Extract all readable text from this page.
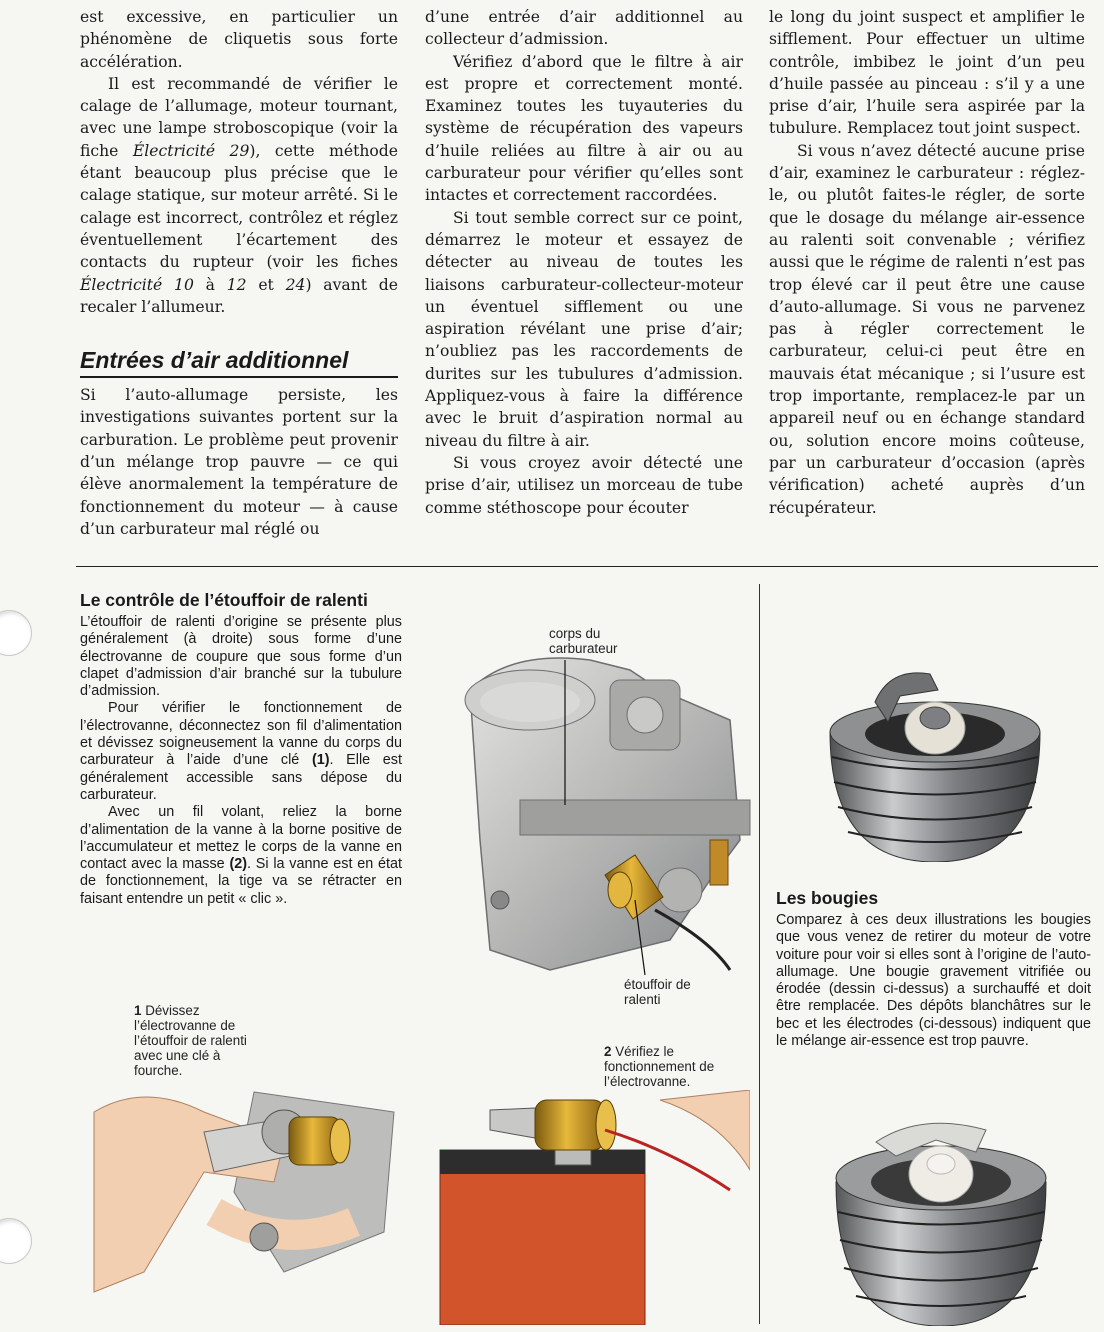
est excessive, en particulier un phénomène de cliquetis sous forte accélération.

Il est recommandé de vérifier le calage de l’allumage, moteur tournant, avec une lampe stroboscopique (voir la fiche Électricité 29), cette méthode étant beaucoup plus précise que le calage statique, sur moteur arrêté. Si le calage est incorrect, contrôlez et réglez éventuellement l’écartement des contacts du rupteur (voir les fiches Électricité 10 à 12 et 24) avant de recaler l’allumeur.

Entrées d’air additionnel

Si l’auto-allumage persiste, les investigations suivantes portent sur la carburation. Le problème peut provenir d’un mélange trop pauvre — ce qui élève anormalement la température de fonctionnement du moteur — à cause d’un carburateur mal réglé ou

d’une entrée d’air additionnel au collecteur d’admission.

Vérifiez d’abord que le filtre à air est propre et correctement monté. Examinez toutes les tuyauteries du système de récupération des vapeurs d’huile reliées au filtre à air ou au carburateur pour vérifier qu’elles sont intactes et correctement raccordées.

Si tout semble correct sur ce point, démarrez le moteur et essayez de détecter au niveau de toutes les liaisons carburateur-collecteur-moteur un éventuel sifflement ou une aspiration révélant une prise d’air; n’oubliez pas les raccordements de durites sur les tubulures d’admission. Appliquez-vous à faire la différence avec le bruit d’aspiration normal au niveau du filtre à air.

Si vous croyez avoir détecté une prise d’air, utilisez un morceau de tube comme stéthoscope pour écouter

le long du joint suspect et amplifier le sifflement. Pour effectuer un ultime contrôle, imbibez le joint d’un peu d’huile passée au pinceau : s’il y a une prise d’air, l’huile sera aspirée par la tubulure. Remplacez tout joint suspect.

Si vous n’avez détecté aucune prise d’air, examinez le carburateur : réglez-le, ou plutôt faites-le régler, de sorte que le dosage du mélange air-essence au ralenti soit convenable ; vérifiez aussi que le régime de ralenti n’est pas trop élevé car il peut être une cause d’auto-allumage. Si vous ne parvenez pas à régler correctement le carburateur, celui-ci peut être en mauvais état mécanique ; si l’usure est trop importante, remplacez-le par un appareil neuf ou en échange standard ou, solution encore moins coûteuse, par un carburateur d’occasion (après vérification) acheté auprès d’un récupérateur.

Le contrôle de l’étouffoir de ralenti

L’étouffoir de ralenti d’origine se présente plus généralement (à droite) sous forme d’une électrovanne de coupure que sous forme d’un clapet d’admission d’air branché sur la tubulure d’admission.

Pour vérifier le fonctionnement de l’électrovanne, déconnectez son fil d’alimentation et dévissez soigneusement la vanne du corps du carburateur à l’aide d’une clé (1). Elle est généralement accessible sans dépose du carburateur.

Avec un fil volant, reliez la borne d’alimentation de la vanne à la borne positive de l’accumulateur et mettez le corps de la vanne en contact avec la masse (2). Si la vanne est en état de fonctionnement, la tige va se rétracter en faisant entendre un petit « clic ».

corps du carburateur
étouffoir de ralenti
1 Dévissez l’électrovanne de l’étouffoir de ralenti avec une clé à fourche.
2 Vérifiez le fonctionnement de l’électrovanne.
Les bougies

Comparez à ces deux illustrations les bougies que vous venez de retirer du moteur de votre voiture pour voir si elles sont à l’origine de l’auto-allumage. Une bougie gravement vitrifiée ou érodée (dessin ci-dessus) a surchauffé et doit être remplacée. Des dépôts blanchâtres sur le bec et les électrodes (ci-dessous) indiquent que le mélange air-essence est trop pauvre.
